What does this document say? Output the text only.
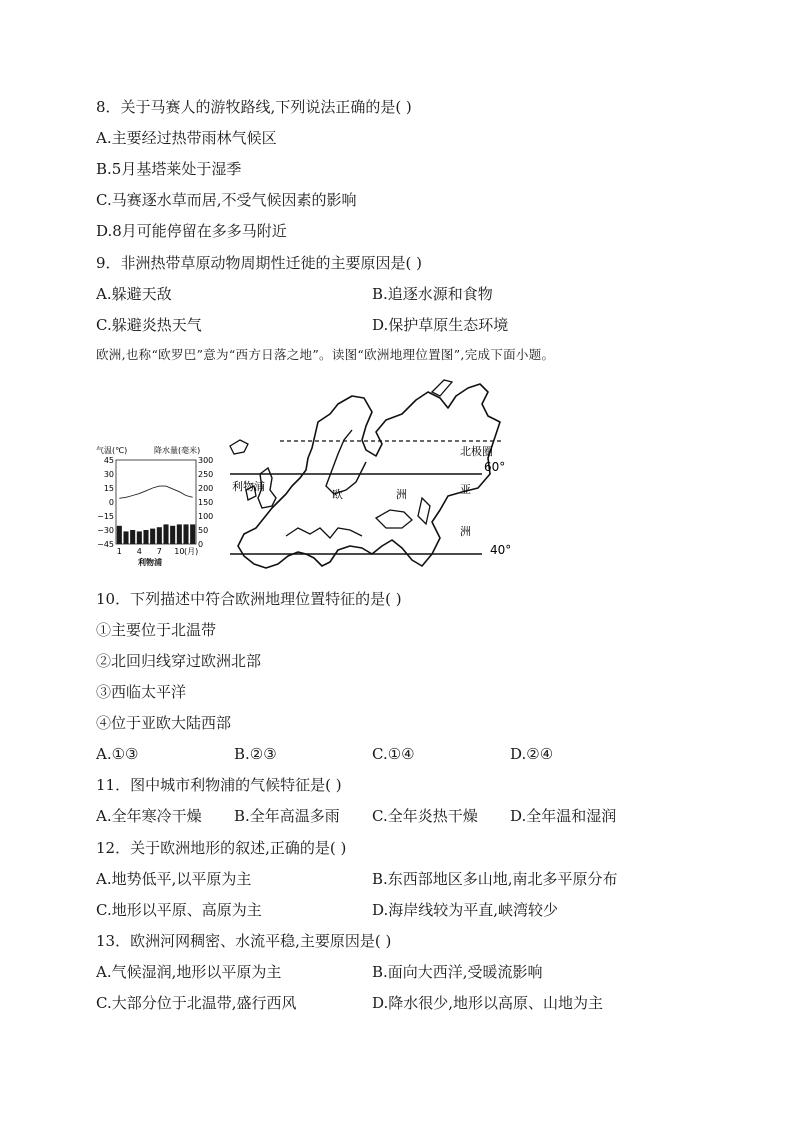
8．关于马赛人的游牧路线,下列说法正确的是( )
A.主要经过热带雨林气候区
B.5月基塔莱处于湿季
C.马赛逐水草而居,不受气候因素的影响
D.8月可能停留在多多马附近
9．非洲热带草原动物周期性迁徙的主要原因是( )
A.躲避天敌	B.追逐水源和食物
C.躲避炎热天气	D.保护草原生态环境
欧洲,也称“欧罗巴”意为“西方日落之地”。读图“欧洲地理位置图”,完成下面小题。
气温(℃)	降水量(毫米)
45
30
15
0
−15
−30
−45
300
250
200
150
100
50
0
1 4 7 10 (月)
利物浦
北极圈
60°
40°
利物浦
欧	洲	亚
洲
10．下列描述中符合欧洲地理位置特征的是( )
①主要位于北温带
②北回归线穿过欧洲北部
③西临太平洋
④位于亚欧大陆西部
A.①③	B.②③	C.①④	D.②④
11．图中城市利物浦的气候特征是( )
A.全年寒冷干燥 B.全年高温多雨 C.全年炎热干燥 D.全年温和湿润
12．关于欧洲地形的叙述,正确的是( )
A.地势低平,以平原为主	B.东西部地区多山地,南北多平原分布
C.地形以平原、高原为主	D.海岸线较为平直,峡湾较少
13．欧洲河网稠密、水流平稳,主要原因是( )
A.气候湿润,地形以平原为主	B.面向大西洋,受暖流影响
C.大部分位于北温带,盛行西风	D.降水很少,地形以高原、山地为主
